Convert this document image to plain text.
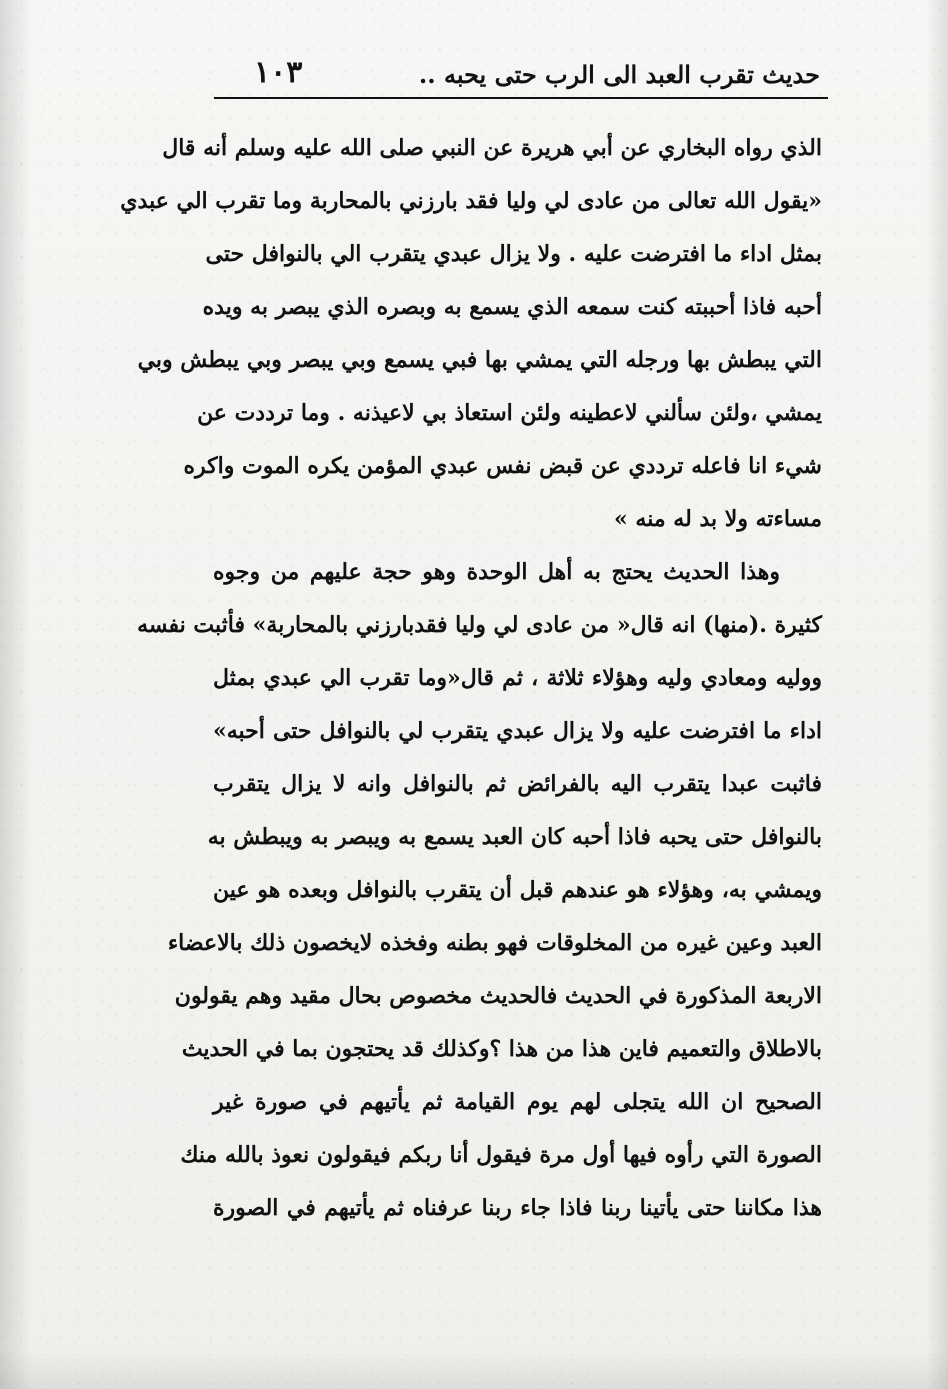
حديث تقرب العبد الى الرب حتى يحبه ..
١٠٣
الذي رواه البخاري عن أبي هريرة عن النبي صلى الله عليه وسلم أنه قال
«يقول الله تعالى من عادى لي وليا فقد بارزني بالمحاربة وما تقرب الي عبدي
بمثل اداء ما افترضت عليه . ولا يزال عبدي يتقرب الي بالنوافل حتى
أحبه فاذا أحببته كنت سمعه الذي يسمع به وبصره الذي يبصر به ويده
التي يبطش بها ورجله التي يمشي بها فبي يسمع وبي يبصر وبي يبطش وبي
يمشي ،ولئن سألني لاعطينه ولئن استعاذ بي لاعيذنه . وما ترددت عن
شيء انا فاعله ترددي عن قبض نفس عبدي المؤمن يكره الموت واكره
مساءته ولا بد له منه »
وهذا الحديث يحتج به أهل الوحدة وهو حجة عليهم من وجوه
كثيرة .(منها) انه قال« من عادى لي وليا فقدبارزني بالمحاربة» فأثبت نفسه
ووليه ومعادي وليه وهؤلاء ثلاثة ، ثم قال«وما تقرب الي عبدي بمثل
اداء ما افترضت عليه ولا يزال عبدي يتقرب لي بالنوافل حتى أحبه»
فاثبت عبدا يتقرب اليه بالفرائض ثم بالنوافل وانه لا يزال يتقرب
بالنوافل حتى يحبه فاذا أحبه كان العبد يسمع به ويبصر به ويبطش به
ويمشي به، وهؤلاء هو عندهم قبل أن يتقرب بالنوافل وبعده هو عين
العبد وعين غيره من المخلوقات فهو بطنه وفخذه لايخصون ذلك بالاعضاء
الاربعة المذكورة في الحديث فالحديث مخصوص بحال مقيد وهم يقولون
بالاطلاق والتعميم فاين هذا من هذا ؟وكذلك قد يحتجون بما في الحديث
الصحيح ان الله يتجلى لهم يوم القيامة ثم يأتيهم في صورة غير
الصورة التي رأوه فيها أول مرة فيقول أنا ربكم فيقولون نعوذ بالله منك
هذا مكاننا حتى يأتينا ربنا فاذا جاء ربنا عرفناه ثم يأتيهم في الصورة
